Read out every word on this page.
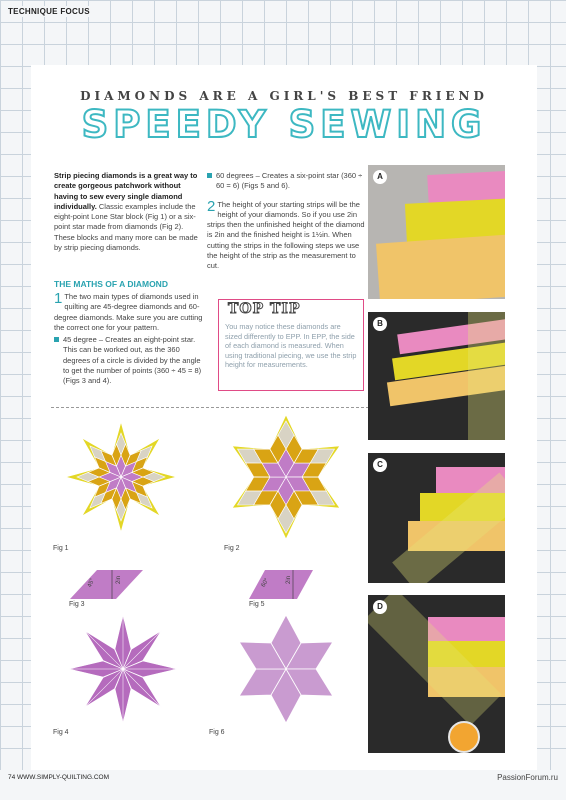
TECHNIQUE FOCUS
DIAMONDS ARE A GIRL'S BEST FRIEND
SPEEDY SEWING
Strip piecing diamonds is a great way to create gorgeous patchwork without having to sew every single diamond individually. Classic examples include the eight-point Lone Star block (Fig 1) or a six-point star made from diamonds (Fig 2). These blocks and many more can be made by strip piecing diamonds.
THE MATHS OF A DIAMOND
1 The two main types of diamonds used in quilting are 45-degree diamonds and 60-degree diamonds. Make sure you are cutting the correct one for your pattern.
45 degree – Creates an eight-point star. This can be worked out, as the 360 degrees of a circle is divided by the angle to get the number of points (360 ÷ 45 = 8) (Figs 3 and 4).
60 degrees – Creates a six-point star (360 ÷ 60 = 6) (Figs 5 and 6).
2 The height of your starting strips will be the height of your diamonds. So if you use 2in strips then the unfinished height of the diamond is 2in and the finished height is 1½in. When cutting the strips in the following steps we use the height of the strip as the measurement to cut.
TOP TIP
You may notice these diamonds are sized differently to EPP. In EPP, the side of each diamond is measured. When using traditional piecing, we use the strip height for measurements.
Fig 1	Fig 2
45°	2in
Fig 3
60°	2in
Fig 5
Fig 4	Fig 6
A
B
C
D
74 WWW.SIMPLY-QUILTING.COM	PassionForum.ru
